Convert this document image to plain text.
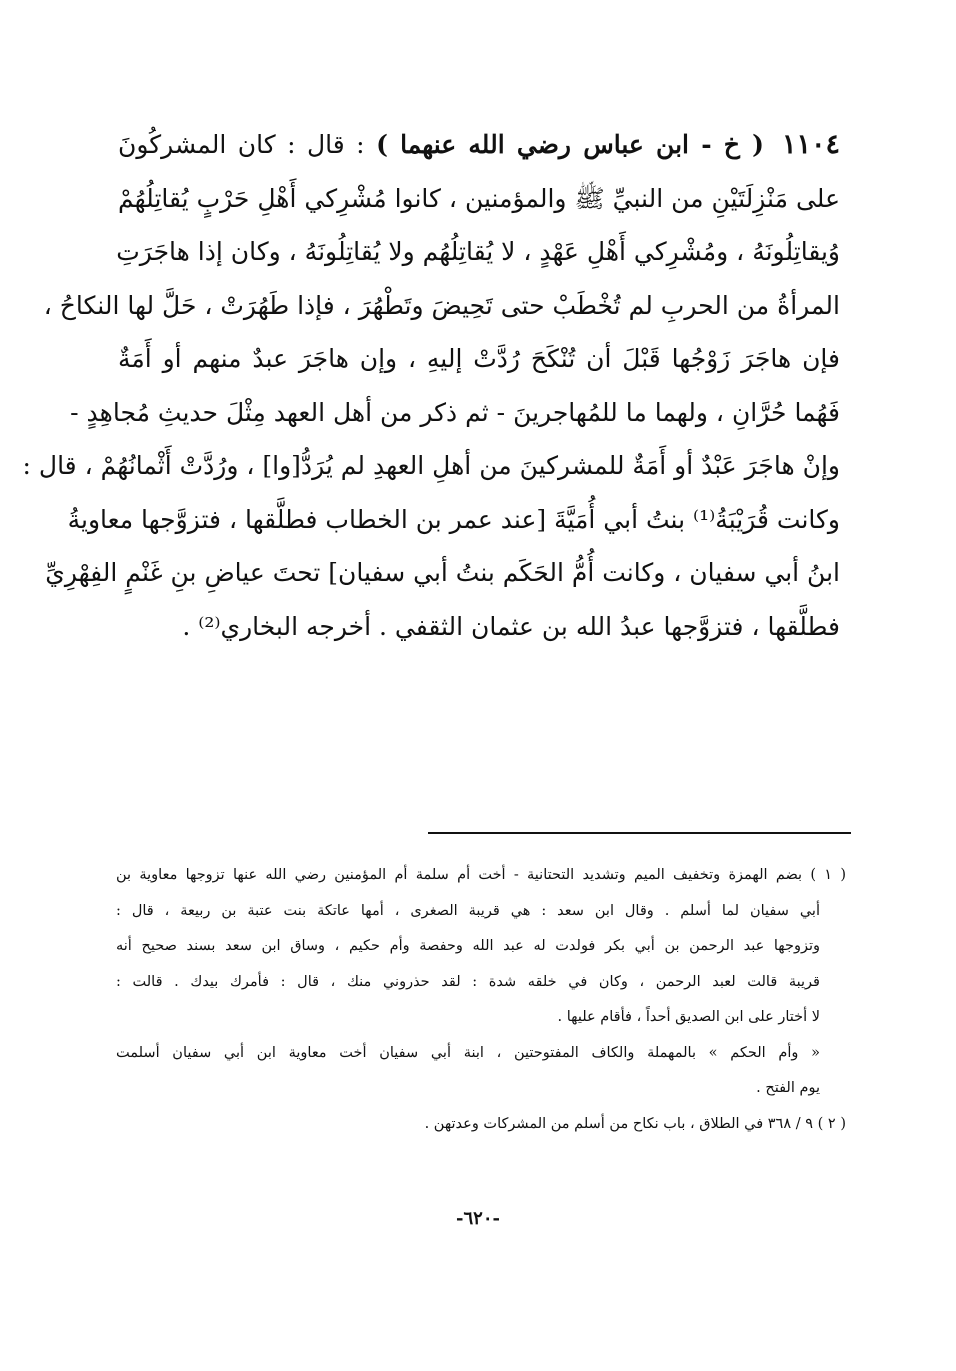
١١٠٤( خ - ابن عباس رضي الله عنهما ) : قال : كان المشركُونَ
على مَنْزِلَتَيْنِ من النبيِّ ﷺ والمؤمنين ، كانوا مُشْرِكي أَهْلِ حَرْبٍ يُقاتِلُهُمْ
وُيقاتِلُونَهُ ، ومُشْرِكي أَهْلِ عَهْدٍ ، لا يُقاتِلُهُم ولا يُقاتِلُونَهُ ، وكان إذا هاجَرَتِ
المرأةُ من الحربِ لم تُخْطَبْ حتى تَحِيضَ وتَطْهُرَ ، فإذا طَهُرَتْ ، حَلَّ لها النكاحُ ،
فإن هاجَرَ زَوْجُها قَبْلَ أن تُنْكَحَ رُدَّتْ إليهِ ، وإن هاجَرَ عبدٌ منهم أو أَمَةٌ
فَهُما حُرَّانِ ، ولهما ما للمُهاجرينَ - ثم ذكر من أهل العهد مِثْلَ حديثِ مُجاهِدٍ -
وإنْ هاجَرَ عَبْدٌ أو أَمَةٌ للمشركينَ من أهلِ العهدِ لم يُرَدُّ[وا] ، ورُدَّتْ أَثْمانُهُمْ ، قال :
وكانت قُرَيْبَةُ⁽¹⁾ بنتُ أبي أُمَيَّةَ [عند عمر بن الخطاب فطلَّقها ، فتزوَّجها معاويةُ
ابنُ أبي سفيان ، وكانت أُمُّ الحَكَم بنتُ أبي سفيان] تحتَ عياضِ بنِ غَنْمٍ الفِهْرِيِّ
فطلَّقها ، فتزوَّجها عبدُ الله بن عثمان الثقفي . أخرجه البخاري⁽²⁾ .
( ١ ) بضم الهمزة وتخفيف الميم وتشديد التحتانية - أخت أم سلمة أم المؤمنين رضي الله عنها تزوجها معاوية بن
أبي سفيان لما أسلم . وقال ابن سعد : هي قريبة الصغرى ، أمها عاتكة بنت عتبة بن ربيعة ، قال :
وتزوجها عبد الرحمن بن أبي بكر فولدت له عبد الله وحفصة وأم حكيم ، وساق ابن سعد بسند صحيح أنه
قريبة قالت لعبد الرحمن ، وكان في خلقه شدة : لقد حذروني منك ، قال : فأمرك بيدك . قالت :
لا أختار على ابن الصديق أحداً ، فأقام عليها .
« وأم الحكم » بالمهملة والكاف المفتوحتين ، ابنة أبي سفيان أخت معاوية ابن أبي سفيان أسلمت
يوم الفتح .
( ٢ ) ٩ / ٣٦٨ في الطلاق ، باب نكاح من أسلم من المشركات وعدتهن .
-٦٢٠-
